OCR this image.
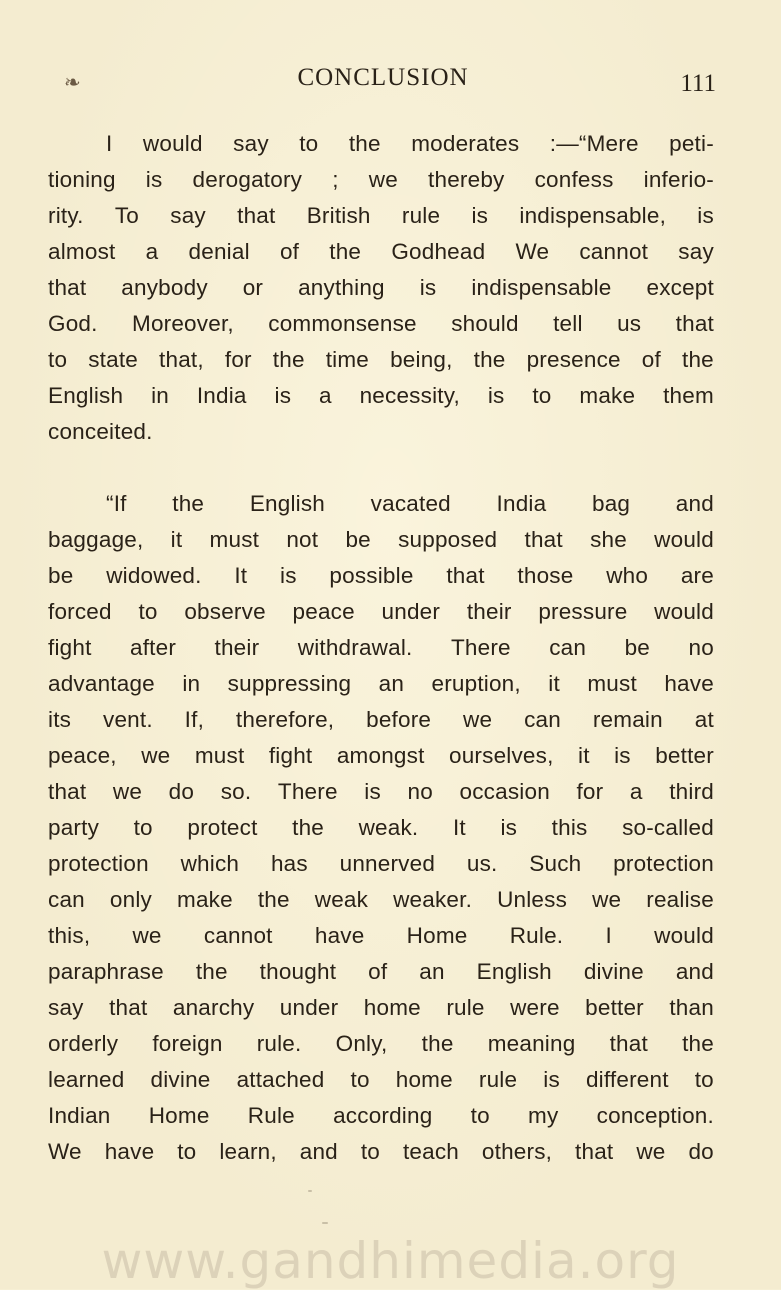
❧	CONCLUSION	111
I would say to the moderates :—“Mere peti-
tioning is derogatory ; we thereby confess inferio-
rity. To say that British rule is indispensable, is
almost a denial of the Godhead We cannot say
that anybody or anything is indispensable except
God. Moreover, commonsense should tell us that
to state that, for the time being, the presence of the
English in India is a necessity, is to make them
conceited.
“If the English vacated India bag and
baggage, it must not be supposed that she would
be widowed. It is possible that those who are
forced to observe peace under their pressure would
fight after their withdrawal. There can be no
advantage in suppressing an eruption, it must have
its vent. If, therefore, before we can remain at
peace, we must fight amongst ourselves, it is better
that we do so. There is no occasion for a third
party to protect the weak. It is this so-called
protection which has unnerved us. Such protection
can only make the weak weaker. Unless we realise
this, we cannot have Home Rule. I would
paraphrase the thought of an English divine and
say that anarchy under home rule were better than
orderly foreign rule. Only, the meaning that the
learned divine attached to home rule is different to
Indian Home Rule according to my conception.
We have to learn, and to teach others, that we do
www.gandhimedia.org
